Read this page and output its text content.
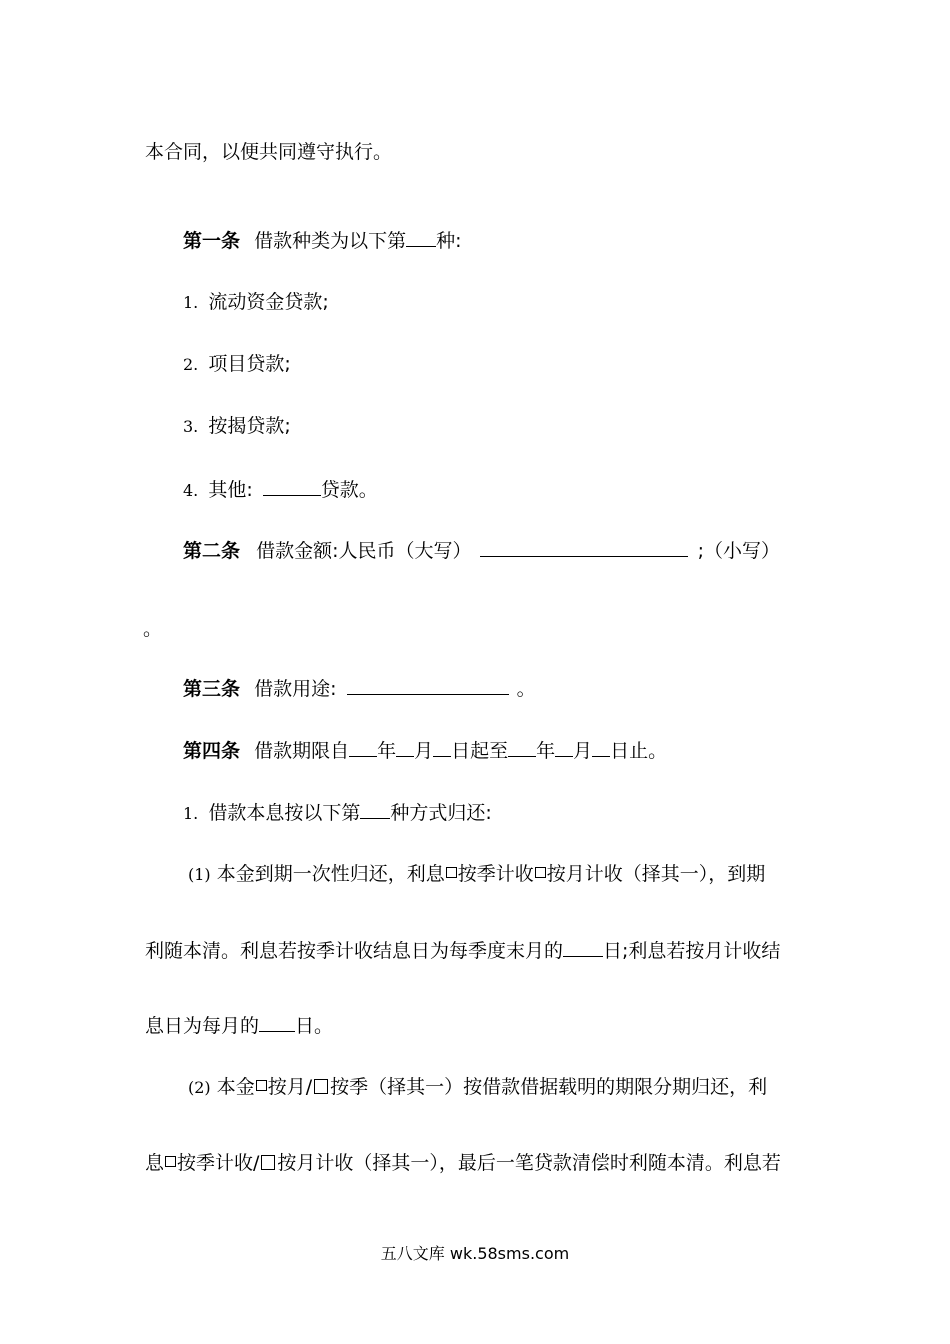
本合同，以便共同遵守执行。
第一条 借款种类为以下第 种:
1. 流动资金贷款;
2. 项目贷款;
3. 按揭贷款;
4. 其他:	贷款。
第二条 借款金额:人民币（大写）	;（小写）
。
第三条 借款用途:	。
第四条 借款期限自 年 月 日起至 年 月 日止。
1. 借款本息按以下第 种方式归还:
(1) 本金到期一次性归还，利息 按季计收 按月计收（择其一），到期
利随本清。利息若按季计收结息日为每季度末月的 日;利息若按月计收结
息日为每月的 日。
(2) 本金 按月/ 按季（择其一）按借款借据载明的期限分期归还，利
息 按季计收/ 按月计收（择其一），最后一笔贷款清偿时利随本清。利息若
五八文库 wk.58sms.com
